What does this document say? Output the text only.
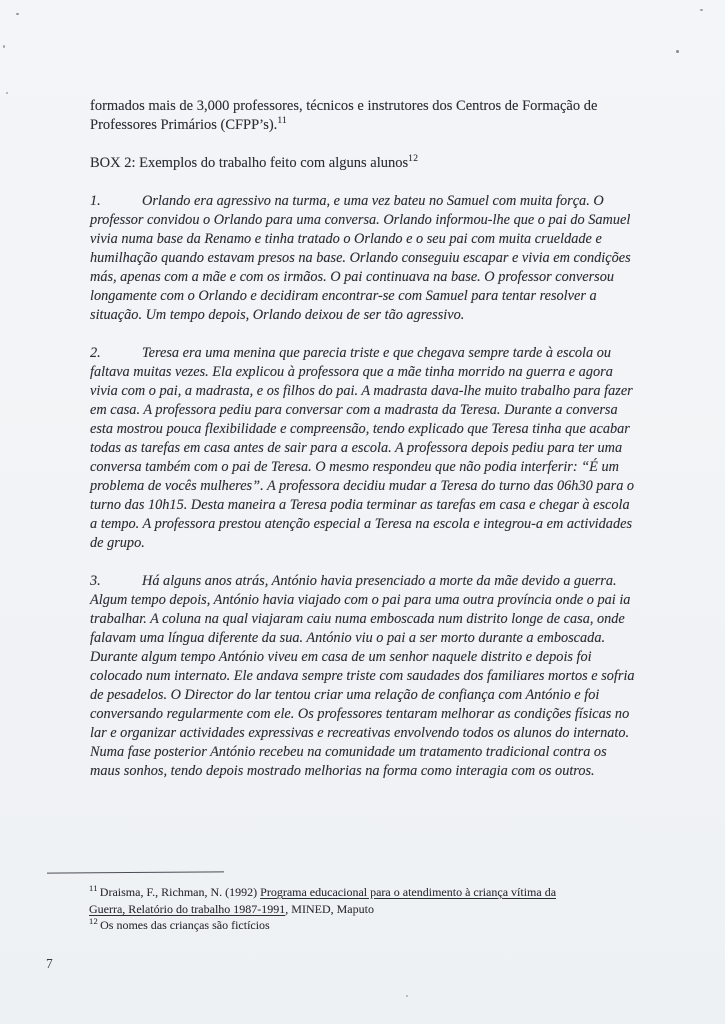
formados mais de 3,000 professores, técnicos e instrutores dos Centros de Formação de Professores Primários (CFPP’s).$^{11}$

BOX 2: Exemplos do trabalho feito com alguns alunos$^{12}$

1.	Orlando era agressivo na turma, e uma vez bateu no Samuel com muita força. O professor convidou o Orlando para uma conversa. Orlando informou-lhe que o pai do Samuel vivia numa base da Renamo e tinha tratado o Orlando e o seu pai com muita crueldade e humilhação quando estavam presos na base. Orlando conseguiu escapar e vivia em condições más, apenas com a mãe e com os irmãos. O pai continuava na base. O professor conversou longamente com o Orlando e decidiram encontrar-se com Samuel para tentar resolver a situação. Um tempo depois, Orlando deixou de ser tão agressivo.

2.	Teresa era uma menina que parecia triste e que chegava sempre tarde à escola ou faltava muitas vezes. Ela explicou à professora que a mãe tinha morrido na guerra e agora vivia com o pai, a madrasta, e os filhos do pai. A madrasta dava-lhe muito trabalho para fazer em casa. A professora pediu para conversar com a madrasta da Teresa. Durante a conversa esta mostrou pouca flexibilidade e compreensão, tendo explicado que Teresa tinha que acabar todas as tarefas em casa antes de sair para a escola. A professora depois pediu para ter uma conversa também com o pai de Teresa. O mesmo respondeu que não podia interferir: “É um problema de vocês mulheres”. A professora decidiu mudar a Teresa do turno das 06h30 para o turno das 10h15. Desta maneira a Teresa podia terminar as tarefas em casa e chegar à escola a tempo. A professora prestou atenção especial a Teresa na escola e integrou-a em actividades de grupo.

3.	Há alguns anos atrás, António havia presenciado a morte da mãe devido a guerra. Algum tempo depois, António havia viajado com o pai para uma outra província onde o pai ia trabalhar. A coluna na qual viajaram caiu numa emboscada num distrito longe de casa, onde falavam uma língua diferente da sua. António viu o pai a ser morto durante a emboscada. Durante algum tempo António viveu em casa de um senhor naquele distrito e depois foi colocado num internato. Ele andava sempre triste com saudades dos familiares mortos e sofria de pesadelos. O Director do lar tentou criar uma relação de confiança com António e foi conversando regularmente com ele. Os professores tentaram melhorar as condições físicas no lar e organizar actividades expressivas e recreativas envolvendo todos os alunos do internato. Numa fase posterior António recebeu na comunidade um tratamento tradicional contra os maus sonhos, tendo depois mostrado melhorias na forma como interagia com os outros.

$^{11}$ Draisma, F., Richman, N. (1992) Programa educacional para o atendimento à criança vítima da Guerra, Relatório do trabalho 1987-1991, MINED, Maputo

$^{12}$ Os nomes das crianças são fictícios

7
